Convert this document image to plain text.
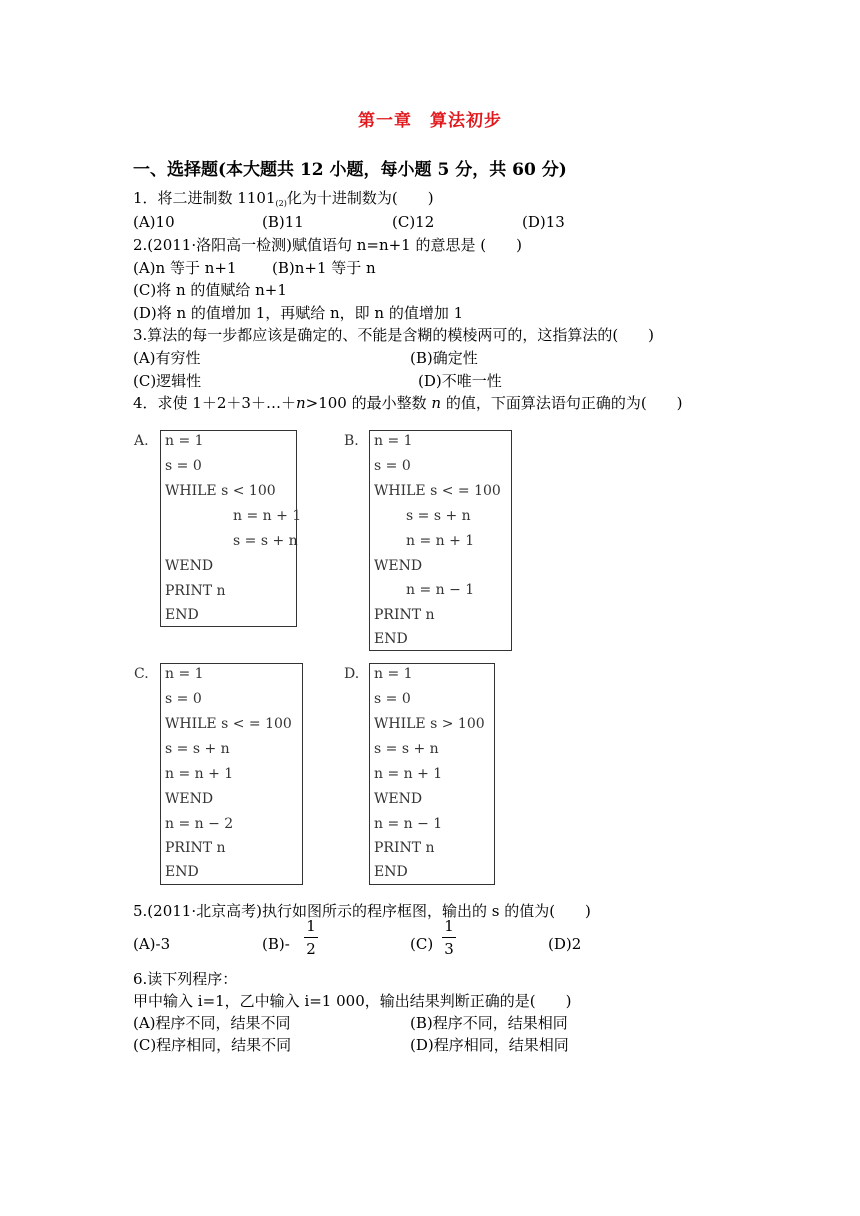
第一章　算法初步
一、选择题(本大题共 12 小题，每小题 5 分，共 60 分)
1．将二进制数 $1101_{(2)}$化为十进制数为(　　)
(A)10	(B)11	(C)12	(D)13
2.(2011·洛阳高一检测)赋值语句 n=n+1 的意思是 (　　)
(A)n 等于 n+1 (B)n+1 等于 n
(C)将 n 的值赋给 n+1
(D)将 n 的值增加 1，再赋给 n，即 n 的值增加 1
3.算法的每一步都应该是确定的、不能是含糊的模棱两可的，这指算法的(　　)
(A)有穷性	(B)确定性
(C)逻辑性	(D)不唯一性
4．求使 1＋2＋3＋…＋n>100 的最小整数 n 的值，下面算法语句正确的为(　　)
A. n = 1
s = 0
WHILE s < 100
n = n + 1
s = s + n
WEND
PRINT n
END
B. n = 1
s = 0
WHILE s < = 100
s = s + n
n = n + 1
WEND
n = n − 1
PRINT n
END
C. n = 1
s = 0
WHILE s < = 100
s = s + n
n = n + 1
WEND
n = n − 2
PRINT n
END
D. n = 1
s = 0
WHILE s > 100
s = s + n
n = n + 1
WEND
n = n − 1
PRINT n
END
5.(2011·北京高考)执行如图所示的程序框图，输出的 s 的值为(　　)
(A)-3	(B)-
1
2	(C)
1
3	(D)2
6.读下列程序：
甲中输入 i=1，乙中输入 i=1 000，输出结果判断正确的是(　　)
(A)程序不同，结果不同	(B)程序不同，结果相同
(C)程序相同，结果不同	(D)程序相同，结果相同
